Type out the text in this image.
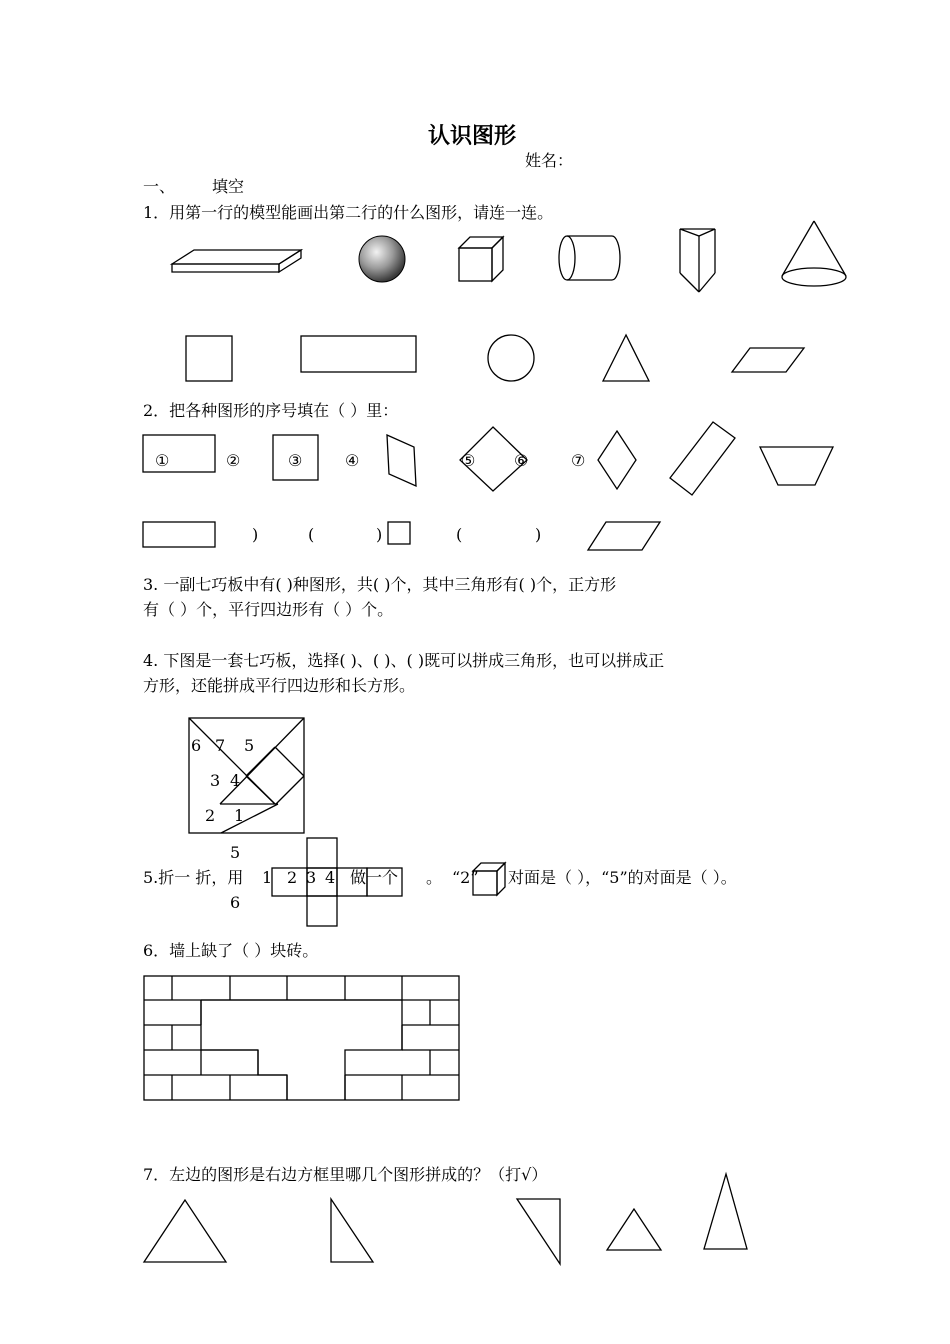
认识图形
姓名：
一、 填空
1．用第一行的模型能画出第二行的什么图形，请连一连。
2．把各种图形的序号填在（ ）里：
①	②	③	④	⑤ ⑥	⑦
)	(	)	(	)
3. 一副七巧板中有( )种图形，共( )个，其中三角形有( )个，正方形
有（ ）个，平行四边形有（ ）个。
4. 下图是一套七巧板，选择( )、( )、( )既可以拼成三角形，也可以拼成正
方形，还能拼成平行四边形和长方形。
6 7 5
3 4
2 1
5
5.折一 折，用 1 2 3 4 做一个 。 “2” 对面是（ ），“5”的对面是（ ）。
6
6．墙上缺了（ ）块砖。
7．左边的图形是右边方框里哪几个图形拼成的？（打√）
